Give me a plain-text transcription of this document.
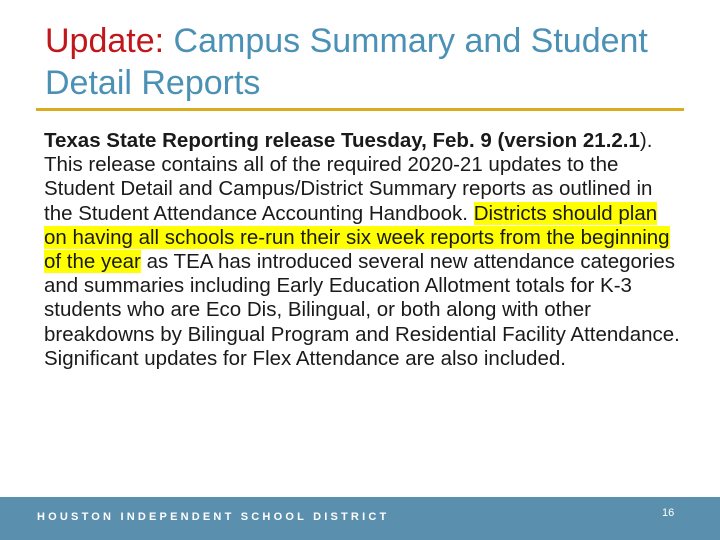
Update: Campus Summary and Student Detail Reports
Texas State Reporting release Tuesday, Feb. 9 (version 21.2.1). This release contains all of the required 2020-21 updates to the Student Detail and Campus/District Summary reports as outlined in the Student Attendance Accounting Handbook. Districts should plan on having all schools re-run their six week reports from the beginning of the year as TEA has introduced several new attendance categories and summaries including Early Education Allotment totals for K-3 students who are Eco Dis, Bilingual, or both along with other breakdowns by Bilingual Program and Residential Facility Attendance. Significant updates for Flex Attendance are also included.
HOUSTON INDEPENDENT SCHOOL DISTRICT	16
